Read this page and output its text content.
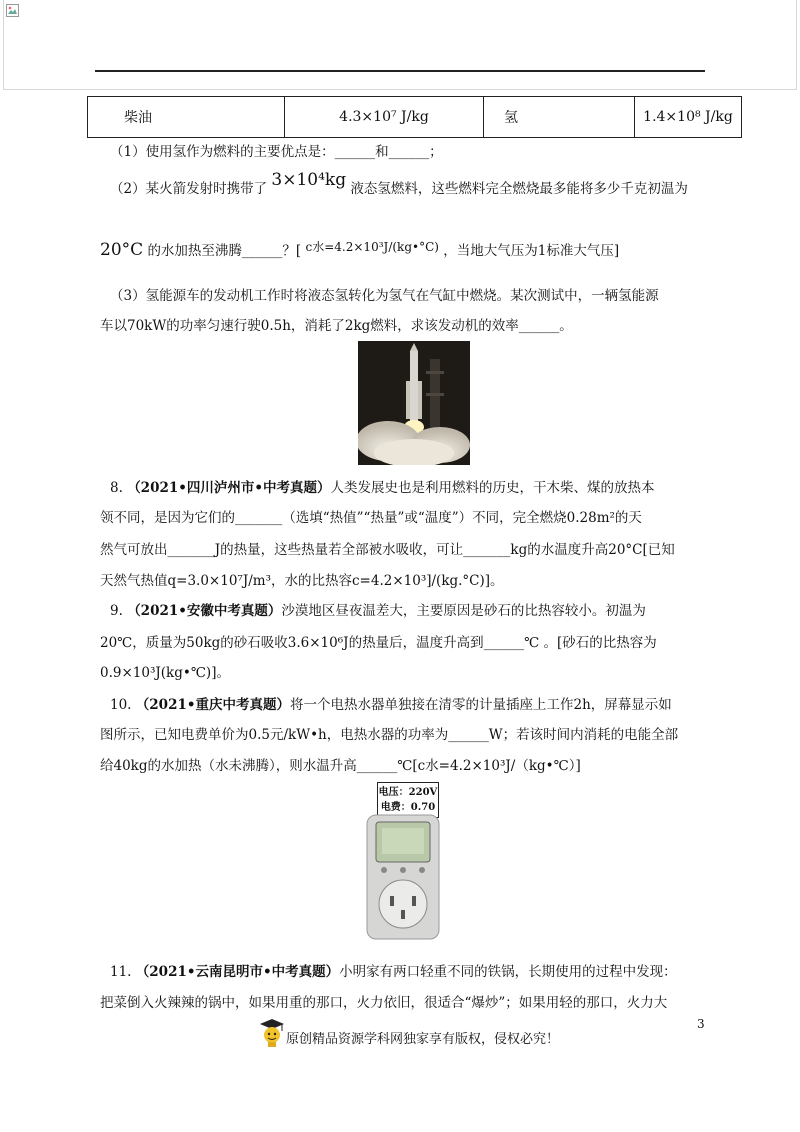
柴油	4.3×10⁷ J/kg	氢	1.4×10⁸ J/kg
（1）使用氢作为燃料的主要优点是：______和______；
（2）某火箭发射时携带了 3×10⁴kg 液态氢燃料，这些燃料完全燃烧最多能将多少千克初温为
20°C 的水加热至沸腾______？[ c水=4.2×10³J/(kg•°C) ，当地大气压为1标准大气压]
（3）氢能源车的发动机工作时将液态氢转化为氢气在气缸中燃烧。某次测试中，一辆氢能源
车以70kW的功率匀速行驶0.5h，消耗了2kg燃料，求该发动机的效率______。
8. （2021•四川泸州市•中考真题）人类发展史也是利用燃料的历史，干木柴、煤的放热本
领不同，是因为它们的_______（选填“热值”“热量”或“温度”）不同，完全燃烧0.28m²的天
然气可放出_______J的热量，这些热量若全部被水吸收，可让_______kg的水温度升高20°C[已知
天然气热值q=3.0×10⁷J/m³，水的比热容c=4.2×10³]/(kg.°C)]。
9. （2021•安徽中考真题）沙漠地区昼夜温差大，主要原因是砂石的比热容较小。初温为
20℃，质量为50kg的砂石吸收3.6×10⁶J的热量后，温度升高到______℃ 。[砂石的比热容为
0.9×10³J(kg•℃)]。
10. （2021•重庆中考真题）将一个电热水器单独接在清零的计量插座上工作2h，屏幕显示如
图所示，已知电费单价为0.5元/kW•h，电热水器的功率为______W；若该时间内消耗的电能全部
给40kg的水加热（水未沸腾），则水温升高______℃[c水=4.2×10³J/（kg•℃）]
电压：220V
电费：0.70
11. （2021•云南昆明市•中考真题）小明家有两口轻重不同的铁锅，长期使用的过程中发现：
把菜倒入火辣辣的锅中，如果用重的那口，火力依旧，很适合“爆炒”；如果用轻的那口，火力大
3
原创精品资源学科网独家享有版权，侵权必究！
